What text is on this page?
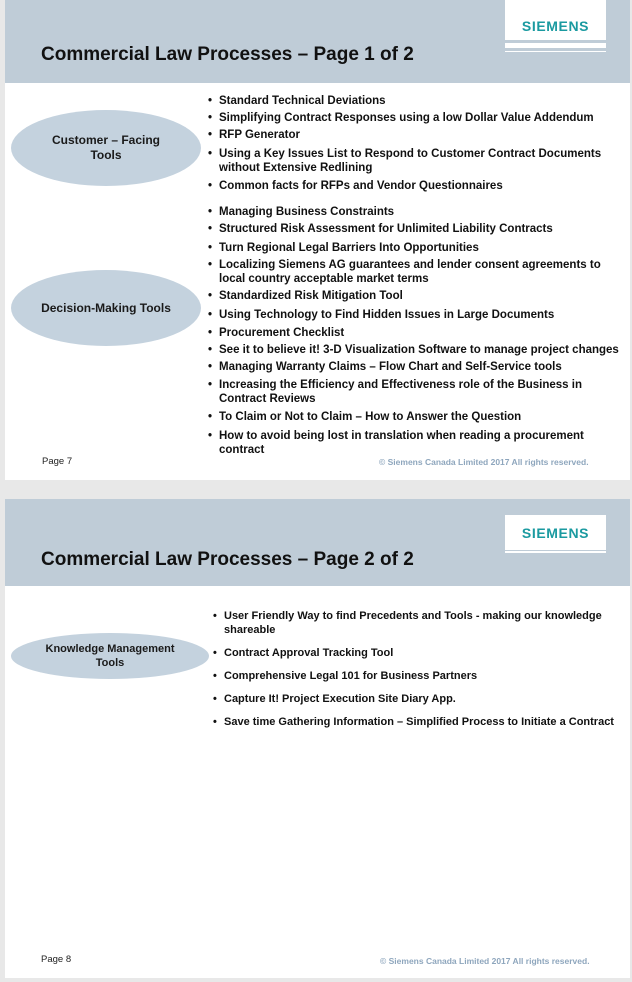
SIEMENS
Commercial Law Processes – Page 1 of 2
Customer – Facing Tools
• Standard Technical Deviations
• Simplifying Contract Responses using a low Dollar Value Addendum
• RFP Generator
• Using a Key Issues List to Respond to Customer Contract Documents without Extensive Redlining
• Common facts for RFPs and Vendor Questionnaires
Decision-Making Tools
• Managing Business Constraints
• Structured Risk Assessment for Unlimited Liability Contracts
• Turn Regional Legal Barriers Into Opportunities
• Localizing Siemens AG guarantees and lender consent agreements to local country acceptable market terms
• Standardized Risk Mitigation Tool
• Using Technology to Find Hidden Issues in Large Documents
• Procurement Checklist
• See it to believe it! 3-D Visualization Software to manage project changes
• Managing Warranty Claims – Flow Chart and Self-Service tools
• Increasing the Efficiency and Effectiveness role of the Business in Contract Reviews
• To Claim or Not to Claim – How to Answer the Question
• How to avoid being lost in translation when reading a procurement contract
Page 7	© Siemens Canada Limited 2017 All rights reserved.
SIEMENS
Commercial Law Processes – Page 2 of 2
Knowledge Management Tools
• User Friendly Way to find Precedents and Tools - making our knowledge shareable
• Contract Approval Tracking Tool
• Comprehensive Legal 101 for Business Partners
• Capture It! Project Execution Site Diary App.
• Save time Gathering Information – Simplified Process to Initiate a Contract
Page 8	© Siemens Canada Limited 2017 All rights reserved.
